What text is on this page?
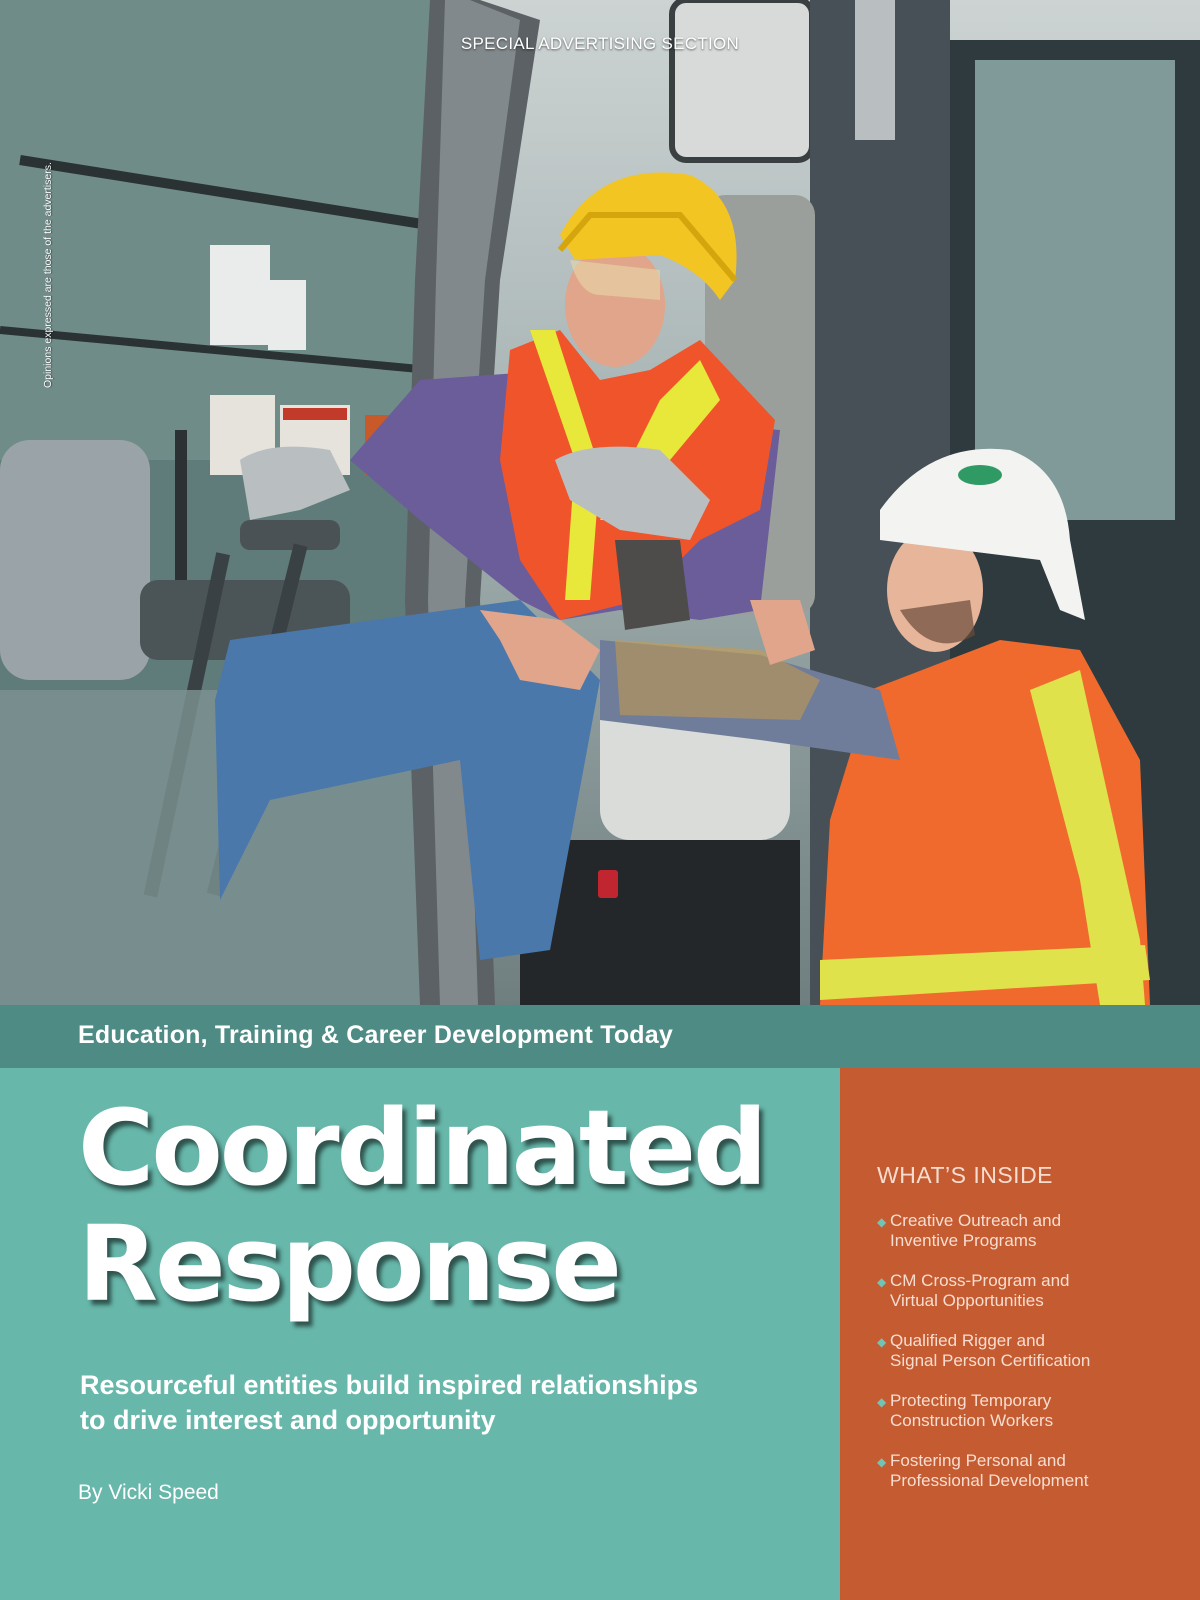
SPECIAL ADVERTISING SECTION
Opinions expressed are those of the advertisers.
Education, Training & Career Development Today
Coordinated
Response
Resourceful entities build inspired relationships to drive interest and opportunity
By Vicki Speed
WHAT’S INSIDE
◆ Creative Outreach and
Inventive Programs
◆ CM Cross-Program and
Virtual Opportunities
◆ Qualified Rigger and
Signal Person Certification
◆ Protecting Temporary
Construction Workers
◆ Fostering Personal and
Professional Development
